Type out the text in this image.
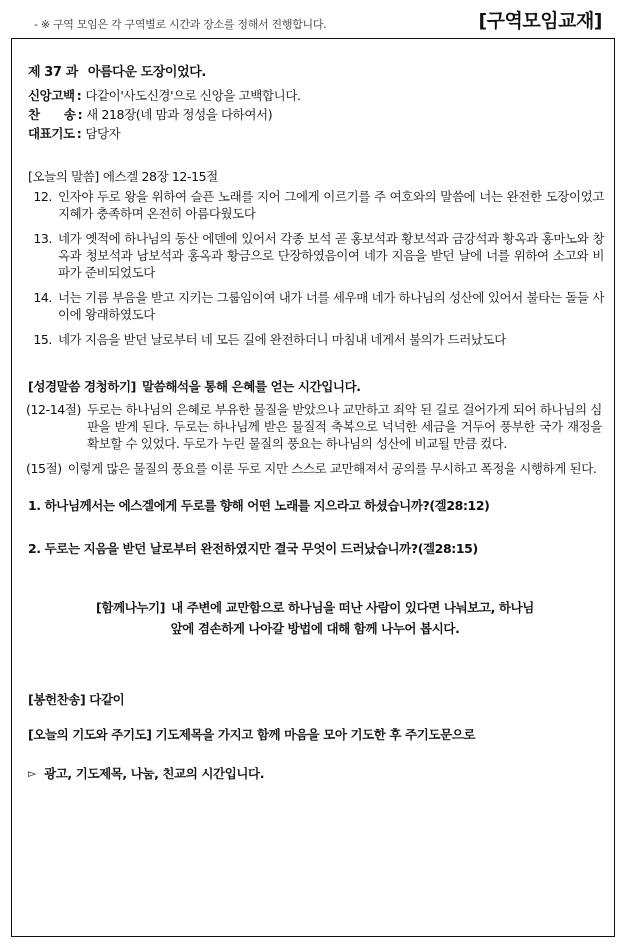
- ※ 구역 모임은 각 구역별로 시간과 장소를 정해서 진행합니다.	[구역모임교재]
제 37 과 아름다운 도장이었다.
신앙고백 : 다같이'사도신경'으로 신앙을 고백합니다.
찬　　송 : 새 218장(네 맘과 정성을 다하여서)
대표기도 : 담당자
[오늘의 말씀] 에스겔 28장 12-15절
12. 인자야 두로 왕을 위하여 슬픈 노래를 지어 그에게 이르기를 주 여호와의 말씀에 너는 완전한 도장이었고 지혜가 충족하며 온전히 아름다웠도다
13. 네가 옛적에 하나님의 동산 에덴에 있어서 각종 보석 곧 홍보석과 황보석과 금강석과 황옥과 홍마노와 창옥과 청보석과 남보석과 홍옥과 황금으로 단장하였음이여 네가 지음을 받던 날에 너를 위하여 소고와 비파가 준비되었도다
14. 너는 기름 부음을 받고 지키는 그룹임이여 내가 너를 세우매 네가 하나님의 성산에 있어서 불타는 돌들 사이에 왕래하였도다
15. 네가 지음을 받던 날로부터 네 모든 길에 완전하더니 마침내 네게서 불의가 드러났도다
[성경말씀 경청하기] 말씀해석을 통해 은혜를 얻는 시간입니다.
(12-14절) 두로는 하나님의 은혜로 부유한 물질을 받았으나 교만하고 죄악 된 길로 걸어가게 되어 하나님의 심판을 받게 된다. 두로는 하나님께 받은 물질적 축복으로 넉넉한 세금을 거두어 풍부한 국가 재정을 확보할 수 있었다. 두로가 누린 물질의 풍요는 하나님의 성산에 비교될 만큼 컸다.
(15절) 이렇게 많은 물질의 풍요를 이룬 두로 지만 스스로 교만해져서 공의를 무시하고 폭정을 시행하게 된다.
1. 하나님께서는 에스겔에게 두로를 향해 어떤 노래를 지으라고 하셨습니까?(겔28:12)
2. 두로는 지음을 받던 날로부터 완전하였지만 결국 무엇이 드러났습니까?(겔28:15)
[함께나누기] 내 주변에 교만함으로 하나님을 떠난 사람이 있다면 나눠보고, 하나님
앞에 겸손하게 나아갈 방법에 대해 함께 나누어 봅시다.
[봉헌찬송] 다같이
[오늘의 기도와 주기도] 기도제목을 가지고 함께 마음을 모아 기도한 후 주기도문으로
▻ 광고, 기도제목, 나눔, 친교의 시간입니다.
